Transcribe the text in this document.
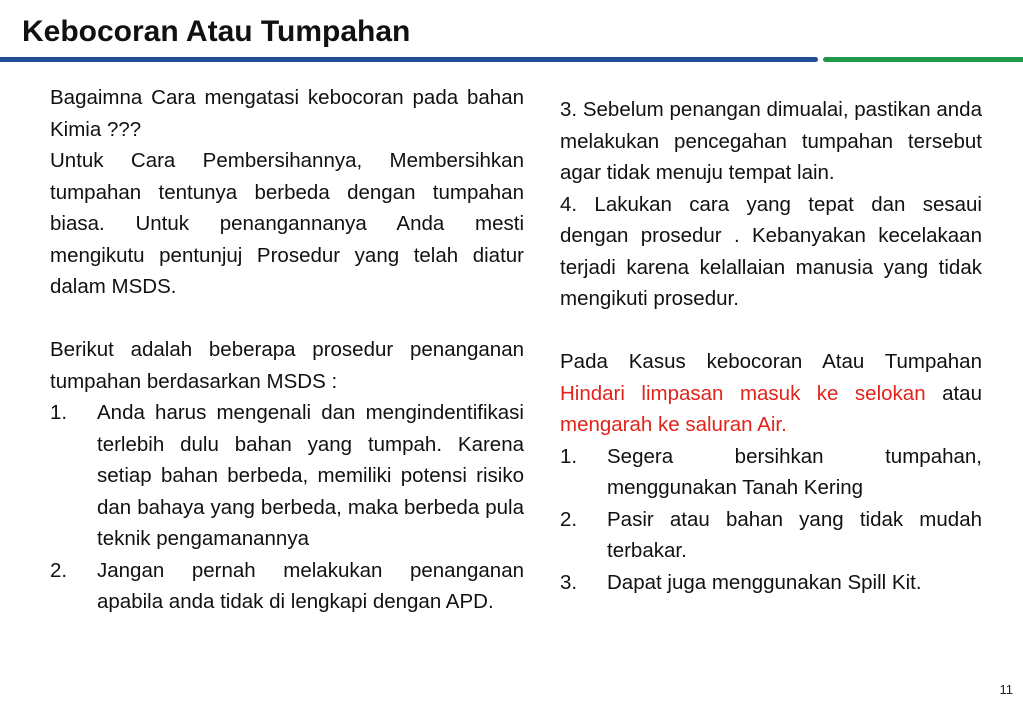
Kebocoran Atau Tumpahan

Bagaimna Cara mengatasi kebocoran pada bahan Kimia ???

Untuk Cara Pembersihannya, Membersihkan tumpahan tentunya berbeda dengan tumpahan biasa. Untuk penangannanya Anda mesti mengikutu pentunjuj Prosedur yang telah diatur dalam MSDS.

Berikut adalah beberapa prosedur penanganan tumpahan berdasarkan MSDS :

1.	Anda harus mengenali dan mengindentifikasi terlebih dulu bahan yang tumpah. Karena setiap bahan berbeda, memiliki potensi risiko dan bahaya yang berbeda, maka berbeda pula teknik pengamanannya
2.	Jangan pernah melakukan penanganan apabila anda tidak di lengkapi dengan APD.

3. Sebelum penangan dimualai, pastikan anda melakukan pencegahan tumpahan tersebut agar tidak menuju tempat lain.

4. Lakukan cara yang tepat dan sesaui dengan prosedur . Kebanyakan kecelakaan terjadi karena kelallaian manusia yang tidak mengikuti prosedur.

Pada Kasus kebocoran Atau Tumpahan Hindari limpasan masuk ke selokan atau mengarah ke saluran Air.

1.	Segera bersihkan tumpahan, menggunakan Tanah Kering
2.	Pasir atau bahan yang tidak mudah terbakar.
3.	Dapat juga menggunakan Spill Kit.
11
